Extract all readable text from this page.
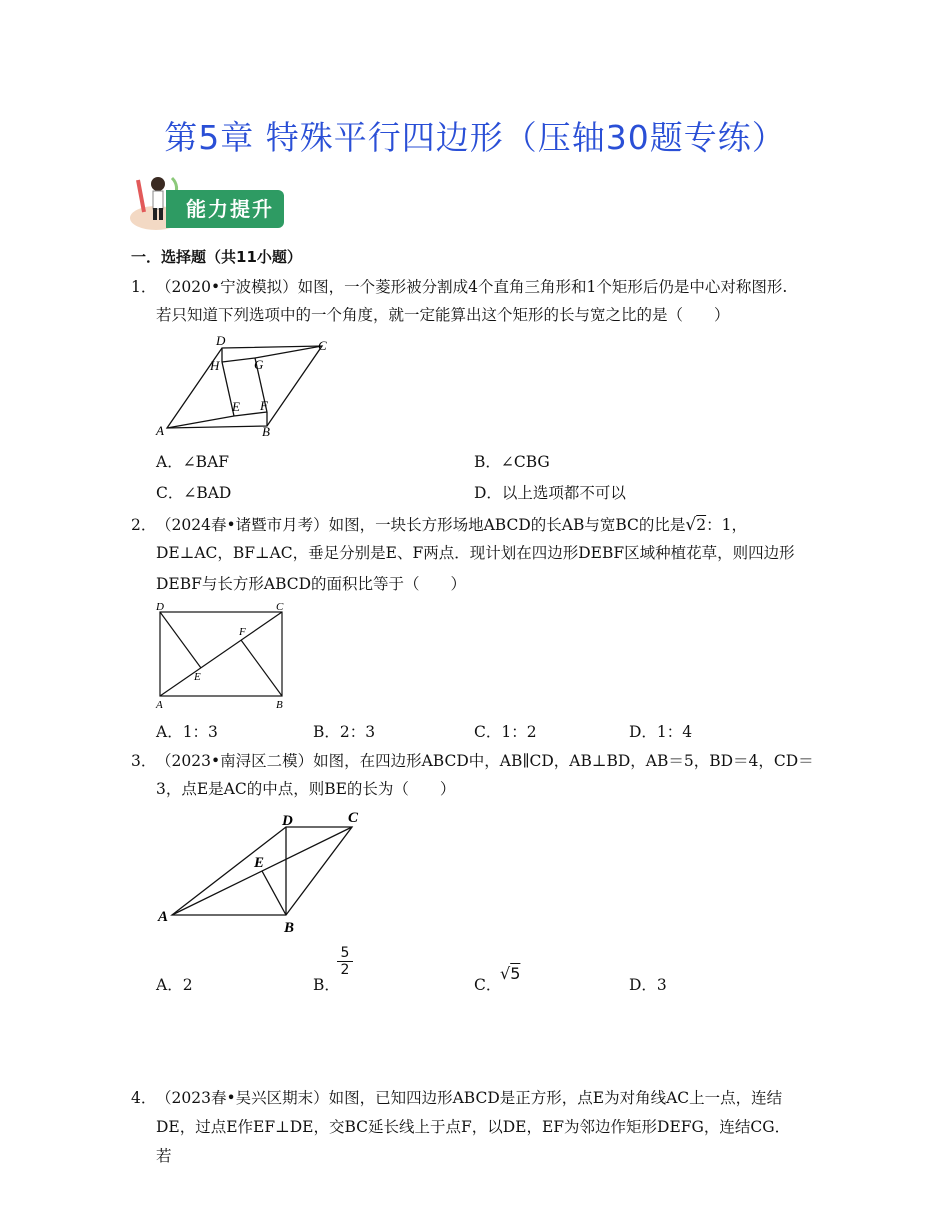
第5章 特殊平行四边形（压轴30题专练）
能力提升
一．选择题（共11小题）
1． （2020•宁波模拟）如图，一个菱形被分割成4个直角三角形和1个矩形后仍是中心对称图形.
若只知道下列选项中的一个角度，就一定能算出这个矩形的长与宽之比的是（　　）
D	C
H	G
E F
A	B
A．∠BAF	B．∠CBG
C．∠BAD	D．以上选项都不可以
2． （2024春•诸暨市月考）如图，一块长方形场地ABCD的长AB与宽BC的比是√2：1，
DE⊥AC，BF⊥AC，垂足分别是E、F两点．现计划在四边形DEBF区域种植花草，则四边形
DEBF与长方形ABCD的面积比等于（　　）
D	C
F
E
A	B
A．1：3	B．2：3	C．1：2	D．1：4
3． （2023•南浔区二模）如图，在四边形ABCD中，AB∥CD，AB⊥BD，AB＝5，BD＝4，CD＝
3，点E是AC的中点，则BE的长为（　　）
D	C
E
A
B
A．2	B．
$\frac{5}{2}$
C．
√5
D．3
4． （2023春•吴兴区期末）如图，已知四边形ABCD是正方形，点E为对角线AC上一点，连结
DE，过点E作EF⊥DE，交BC延长线上于点F，以DE，EF为邻边作矩形DEFG，连结CG．
若
